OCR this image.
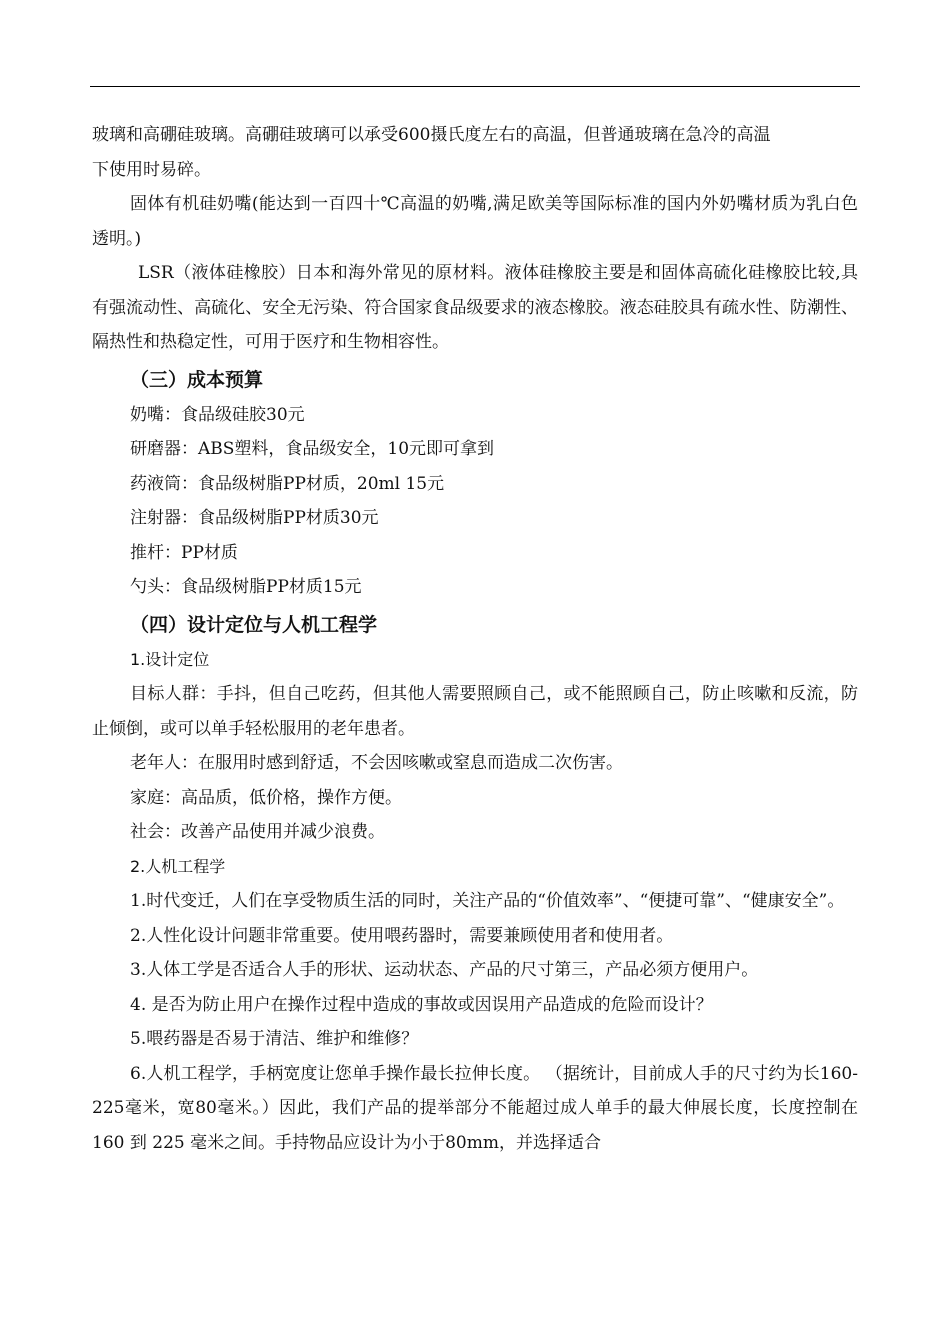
玻璃和高硼硅玻璃。高硼硅玻璃可以承受600摄氏度左右的高温，但普通玻璃在急冷的高温
下使用时易碎。

固体有机硅奶嘴(能达到一百四十℃高温的奶嘴,满足欧美等国际标准的国内外奶嘴材质为乳白色透明。)

LSR（液体硅橡胶）日本和海外常见的原材料。液体硅橡胶主要是和固体高硫化硅橡胶比较,具有强流动性、高硫化、安全无污染、符合国家食品级要求的液态橡胶。液态硅胶具有疏水性、防潮性、隔热性和热稳定性，可用于医疗和生物相容性。

（三）成本预算

奶嘴：食品级硅胶30元

研磨器：ABS塑料，食品级安全，10元即可拿到

药液筒：食品级树脂PP材质，20ml 15元

注射器：食品级树脂PP材质30元

推杆：PP材质

勺头：食品级树脂PP材质15元

（四）设计定位与人机工程学
1.设计定位

目标人群：手抖，但自己吃药，但其他人需要照顾自己，或不能照顾自己，防止咳嗽和反流，防止倾倒，或可以单手轻松服用的老年患者。

老年人：在服用时感到舒适，不会因咳嗽或窒息而造成二次伤害。

家庭：高品质，低价格，操作方便。

社会：改善产品使用并减少浪费。

2.人机工程学

1.时代变迁，人们在享受物质生活的同时，关注产品的“价值效率”、“便捷可靠”、“健康安全”。

2.人性化设计问题非常重要。使用喂药器时，需要兼顾使用者和使用者。

3.人体工学是否适合人手的形状、运动状态、产品的尺寸第三，产品必须方便用户。

4. 是否为防止用户在操作过程中造成的事故或因误用产品造成的危险而设计？

5.喂药器是否易于清洁、维护和维修？

6.人机工程学，手柄宽度让您单手操作最长拉伸长度。 （据统计，目前成人手的尺寸约为长160-225毫米，宽80毫米。）因此，我们产品的提举部分不能超过成人单手的最大伸展长度，长度控制在 160 到 225 毫米之间。手持物品应设计为小于80mm，并选择适合
